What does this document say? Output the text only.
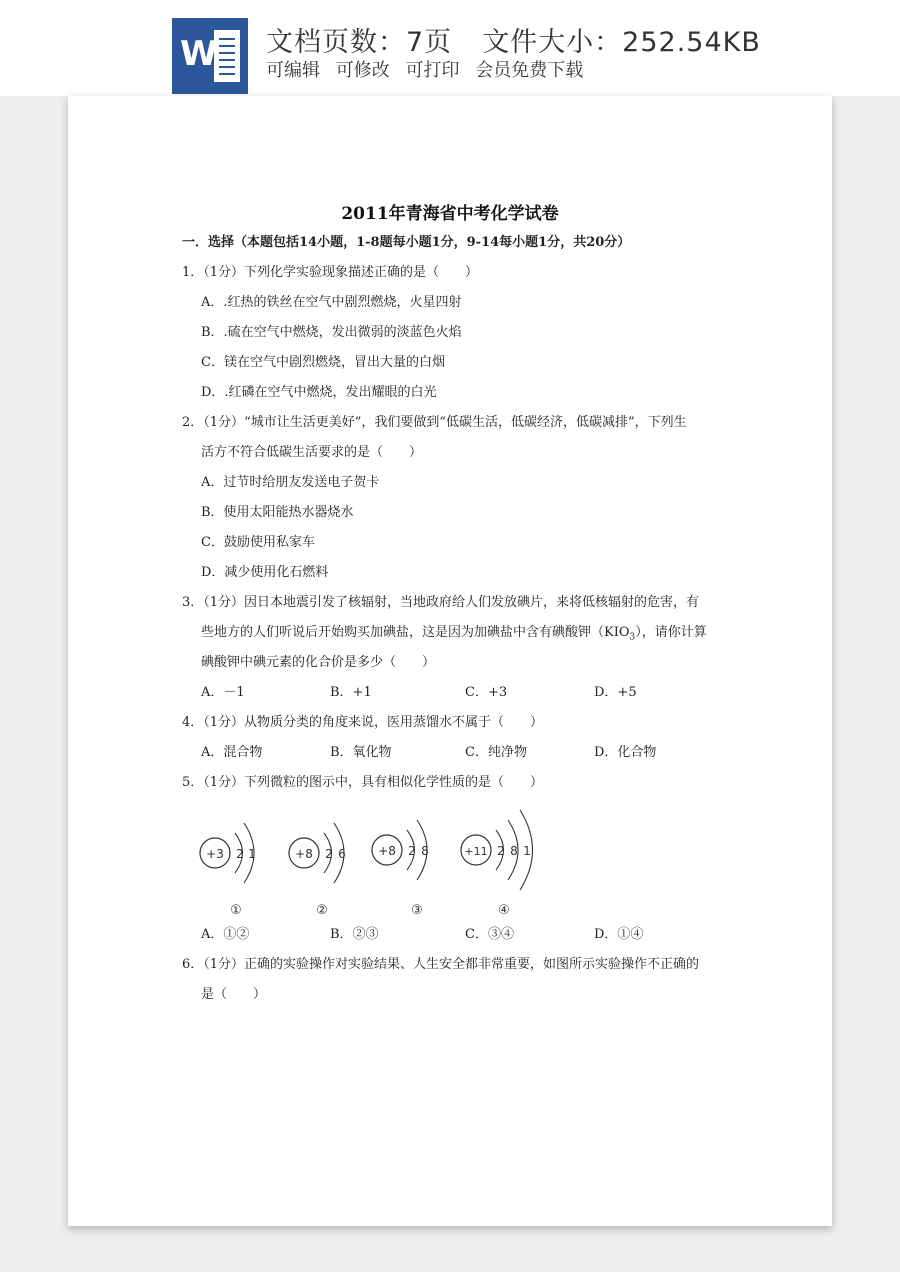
W 文档页数：7页 文件大小：252.54KB
可编辑 可修改 可打印 会员免费下载
2011年青海省中考化学试卷
一．选择（本题包括14小题，1-8题每小题1分，9-14每小题1分，共20分）
1．（1分）下列化学实验现象描述正确的是（　　）
A．.红热的铁丝在空气中剧烈燃烧，火星四射
B．.硫在空气中燃烧，发出微弱的淡蓝色火焰
C．镁在空气中剧烈燃烧，冒出大量的白烟
D．.红磷在空气中燃烧，发出耀眼的白光
2．（1分）“城市让生活更美好”，我们要做到“低碳生活，低碳经济，低碳减排”，下列生
活方不符合低碳生活要求的是（　　）
A．过节时给朋友发送电子贺卡
B．使用太阳能热水器烧水
C．鼓励使用私家车
D．减少使用化石燃料
3．（1分）因日本地震引发了核辐射，当地政府给人们发放碘片，来将低核辐射的危害，有
些地方的人们听说后开始购买加碘盐，这是因为加碘盐中含有碘酸钾$(KIO_3)$，请你计算
碘酸钾中碘元素的化合价是多少（　　）
A．－1	B．+1	C．+3	D．+5
4．（1分）从物质分类的角度来说，医用蒸馏水不属于（　　）
A．混合物	B．氧化物	C．纯净物	D．化合物
5．（1分）下列微粒的图示中，具有相似化学性质的是（　　）
+3 2 1
①
+8 2 6
②
+8 2 8
③
+11 2 8 1
④
A．①②	B．②③	C．③④	D．①④
6．（1分）正确的实验操作对实验结果、人生安全都非常重要，如图所示实验操作不正确的
是（　　）
